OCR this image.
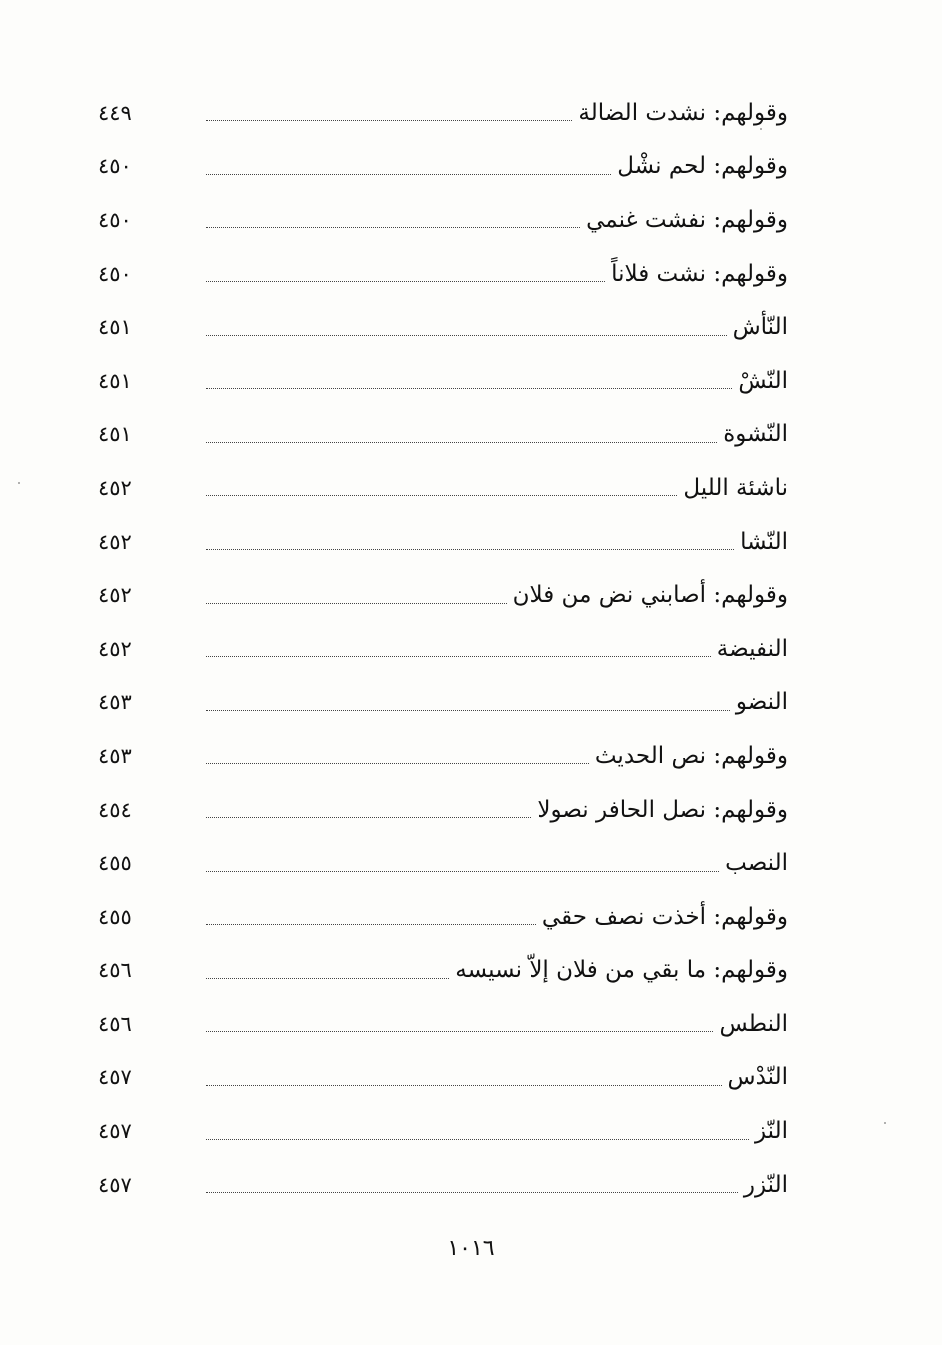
وقولهم: نشدت الضالة
٤٤٩
وقولهم: لحم نشْل
٤٥٠
وقولهم: نفشت غنمي
٤٥٠
وقولهم: نشت فلاناً
٤٥٠
النّأش
٤٥١
النّشْ
٤٥١
النّشوة
٤٥١
ناشئة الليل
٤٥٢
النّشا
٤٥٢
وقولهم: أصابني نض من فلان
٤٥٢
النفيضة
٤٥٢
النضو
٤٥٣
وقولهم: نص الحديث
٤٥٣
وقولهم: نصل الحافر نصولا
٤٥٤
النصب
٤٥٥
وقولهم: أخذت نصف حقي
٤٥٥
وقولهم: ما بقي من فلان إلاّ نسيسه
٤٥٦
النطس
٤٥٦
النّدْس
٤٥٧
النّز
٤٥٧
النّزر
٤٥٧
١٠١٦
